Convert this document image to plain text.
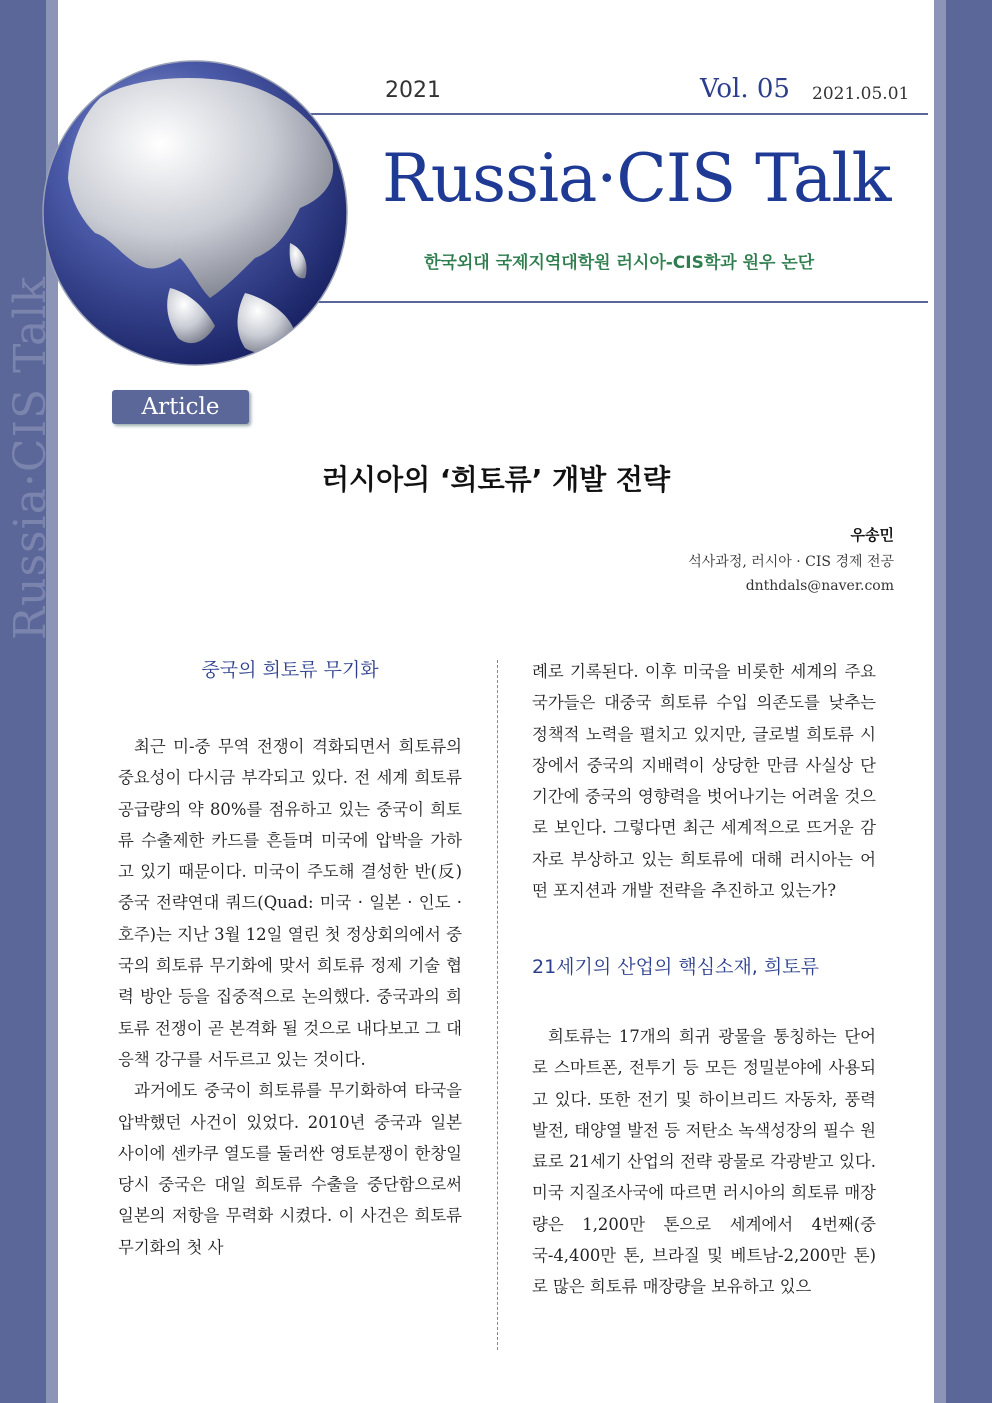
Russia·CIS Talk
2021	Vol. 05 2021.05.01
Russia·CIS Talk
한국외대 국제지역대학원 러시아-CIS학과 원우 논단
Article
러시아의 ‘희토류’ 개발 전략
우송민
석사과정, 러시아 · CIS 경제 전공
dnthdals@naver.com
중국의 희토류 무기화

최근 미-중 무역 전쟁이 격화되면서 희토류의 중요성이 다시금 부각되고 있다. 전 세계 희토류 공급량의 약 80%를 점유하고 있는 중국이 희토류 수출제한 카드를 흔들며 미국에 압박을 가하고 있기 때문이다. 미국이 주도해 결성한 반(反)중국 전략연대 쿼드(Quad: 미국 · 일본 · 인도 · 호주)는 지난 3월 12일 열린 첫 정상회의에서 중국의 희토류 무기화에 맞서 희토류 정제 기술 협력 방안 등을 집중적으로 논의했다. 중국과의 희토류 전쟁이 곧 본격화 될 것으로 내다보고 그 대응책 강구를 서두르고 있는 것이다.

과거에도 중국이 희토류를 무기화하여 타국을 압박했던 사건이 있었다. 2010년 중국과 일본 사이에 센카쿠 열도를 둘러싼 영토분쟁이 한창일 당시 중국은 대일 희토류 수출을 중단함으로써 일본의 저항을 무력화 시켰다. 이 사건은 희토류 무기화의 첫 사

례로 기록된다. 이후 미국을 비롯한 세계의 주요 국가들은 대중국 희토류 수입 의존도를 낮추는 정책적 노력을 펼치고 있지만, 글로벌 희토류 시장에서 중국의 지배력이 상당한 만큼 사실상 단기간에 중국의 영향력을 벗어나기는 어려울 것으로 보인다. 그렇다면 최근 세계적으로 뜨거운 감자로 부상하고 있는 희토류에 대해 러시아는 어떤 포지션과 개발 전략을 추진하고 있는가?

21세기의 산업의 핵심소재, 희토류

희토류는 17개의 희귀 광물을 통칭하는 단어로 스마트폰, 전투기 등 모든 정밀분야에 사용되고 있다. 또한 전기 및 하이브리드 자동차, 풍력발전, 태양열 발전 등 저탄소 녹색성장의 필수 원료로 21세기 산업의 전략 광물로 각광받고 있다. 미국 지질조사국에 따르면 러시아의 희토류 매장량은 1,200만 톤으로 세계에서 4번째(중국-4,400만 톤, 브라질 및 베트남-2,200만 톤)로 많은 희토류 매장량을 보유하고 있으
